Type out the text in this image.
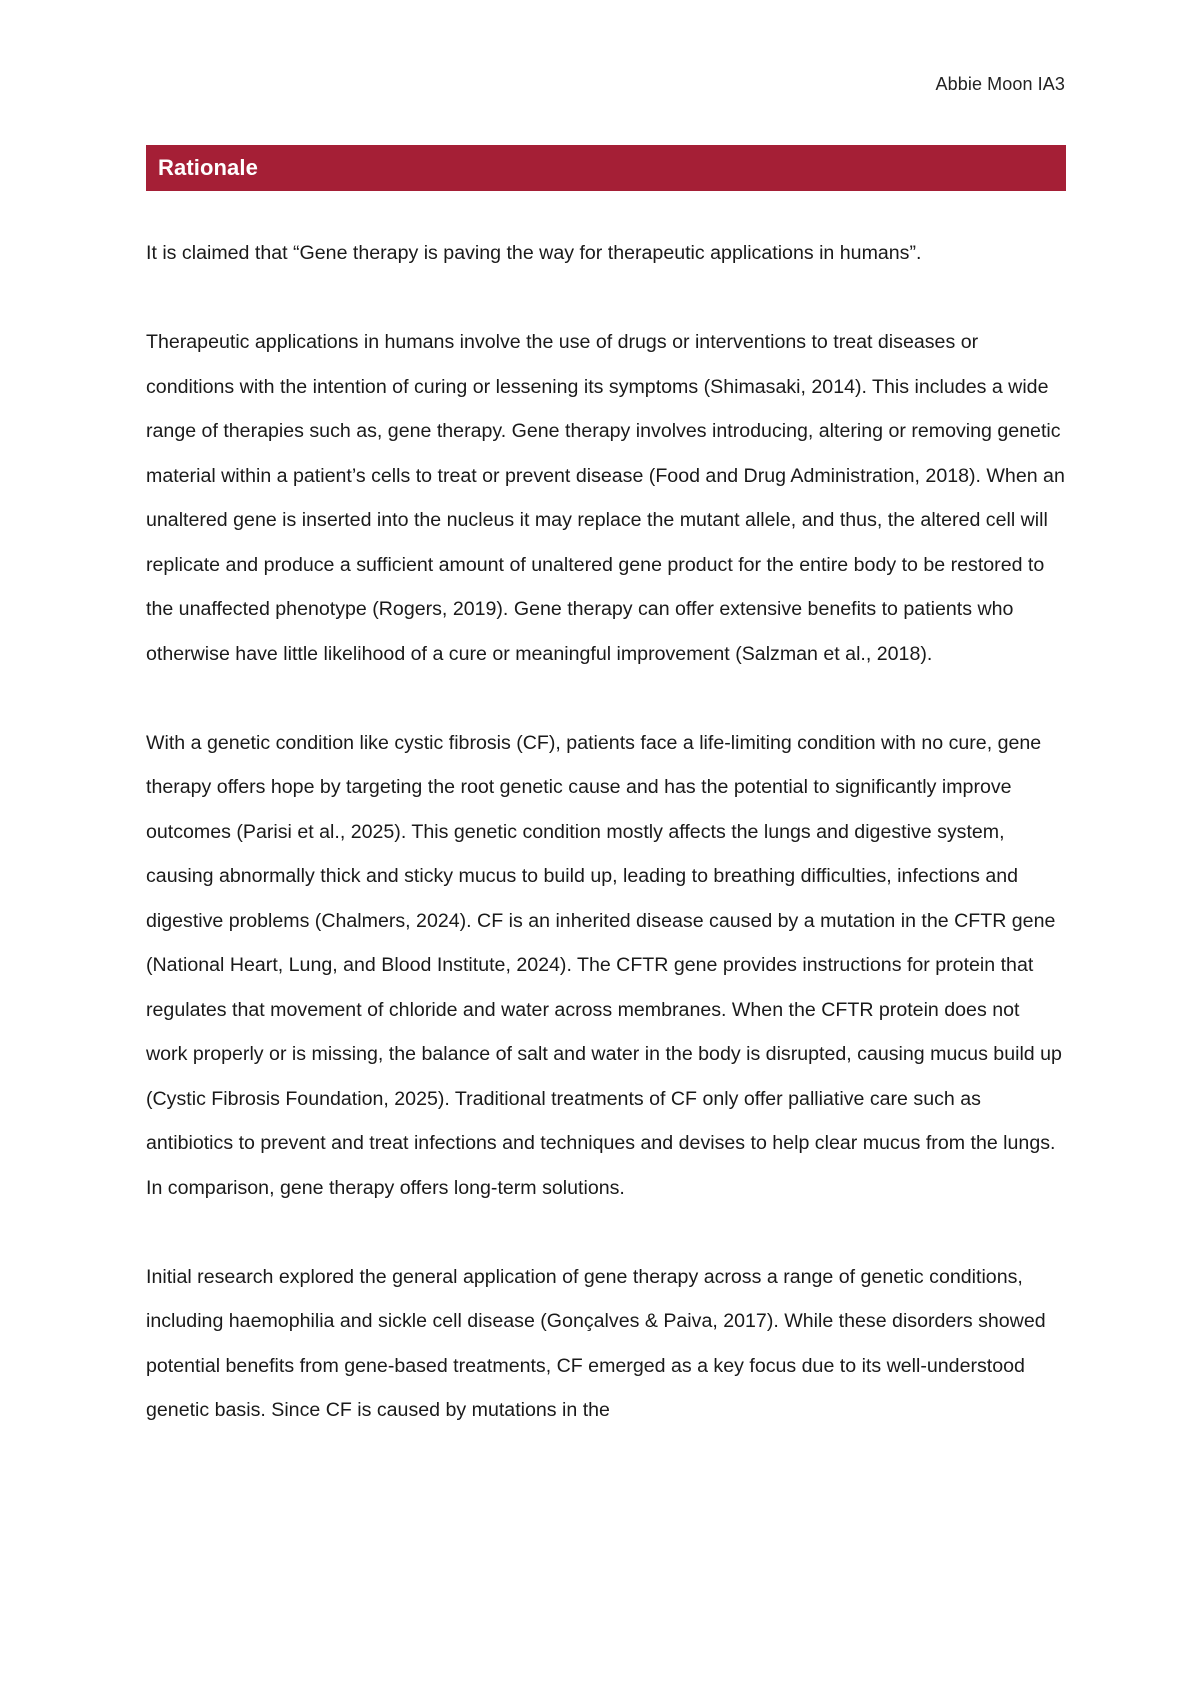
Abbie Moon IA3
Rationale

It is claimed that “Gene therapy is paving the way for therapeutic applications in humans”.

Therapeutic applications in humans involve the use of drugs or interventions to treat diseases or conditions with the intention of curing or lessening its symptoms (Shimasaki, 2014). This includes a wide range of therapies such as, gene therapy. Gene therapy involves introducing, altering or removing genetic material within a patient’s cells to treat or prevent disease (Food and Drug Administration, 2018). When an unaltered gene is inserted into the nucleus it may replace the mutant allele, and thus, the altered cell will replicate and produce a sufficient amount of unaltered gene product for the entire body to be restored to the unaffected phenotype (Rogers, 2019). Gene therapy can offer extensive benefits to patients who otherwise have little likelihood of a cure or meaningful improvement (Salzman et al., 2018).

With a genetic condition like cystic fibrosis (CF), patients face a life-limiting condition with no cure, gene therapy offers hope by targeting the root genetic cause and has the potential to significantly improve outcomes (Parisi et al., 2025). This genetic condition mostly affects the lungs and digestive system, causing abnormally thick and sticky mucus to build up, leading to breathing difficulties, infections and digestive problems (Chalmers, 2024). CF is an inherited disease caused by a mutation in the CFTR gene (National Heart, Lung, and Blood Institute, 2024). The CFTR gene provides instructions for protein that regulates that movement of chloride and water across membranes. When the CFTR protein does not work properly or is missing, the balance of salt and water in the body is disrupted, causing mucus build up (Cystic Fibrosis Foundation, 2025). Traditional treatments of CF only offer palliative care such as antibiotics to prevent and treat infections and techniques and devises to help clear mucus from the lungs. In comparison, gene therapy offers long-term solutions.

Initial research explored the general application of gene therapy across a range of genetic conditions, including haemophilia and sickle cell disease (Gonçalves & Paiva, 2017). While these disorders showed potential benefits from gene-based treatments, CF emerged as a key focus due to its well-understood genetic basis. Since CF is caused by mutations in the
